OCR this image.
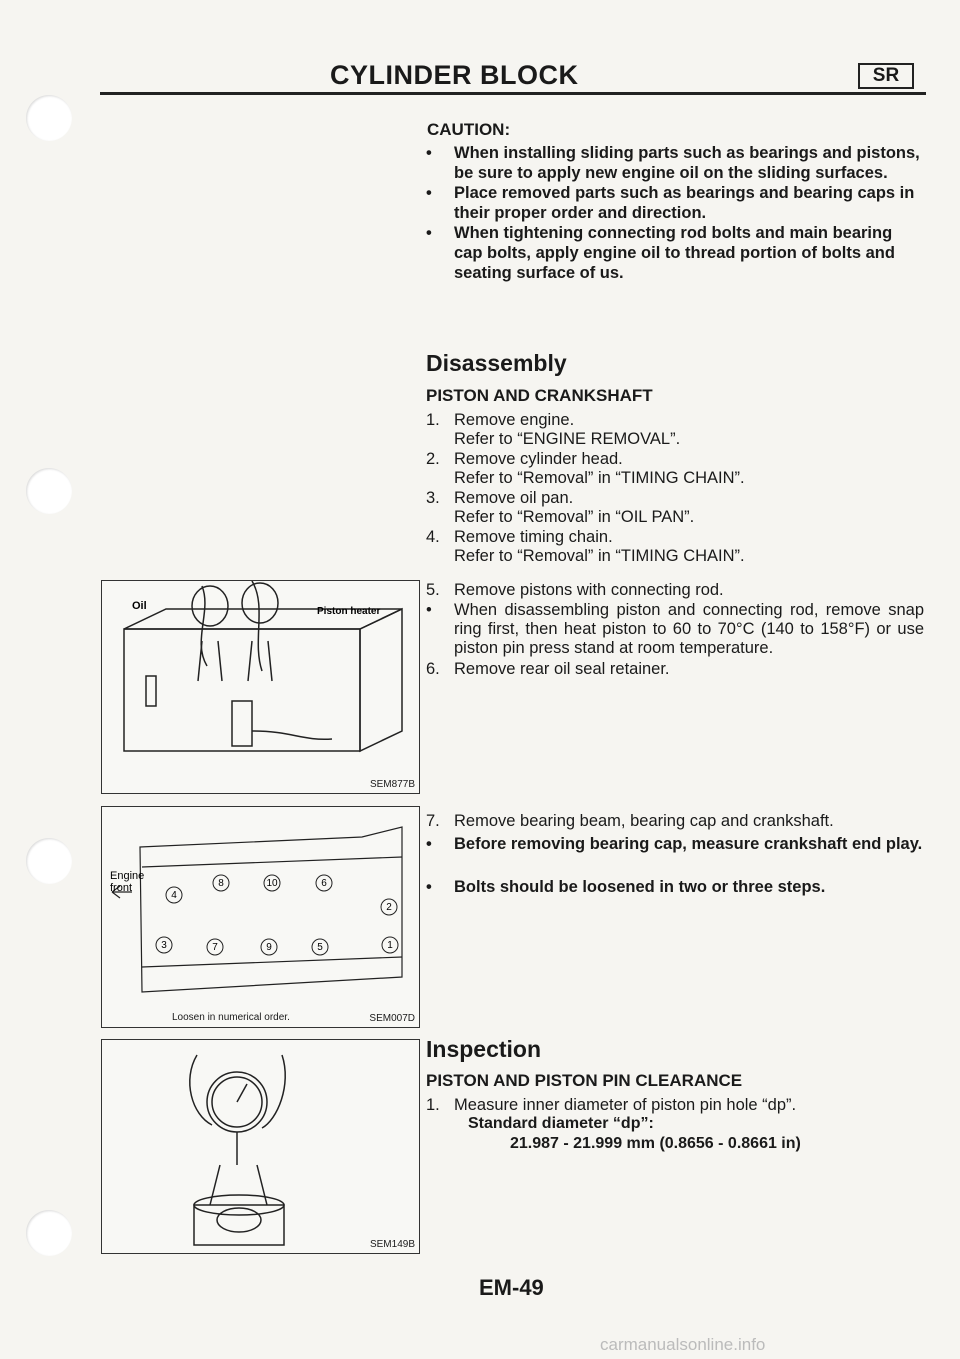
CYLINDER BLOCK	SR
CAUTION:
• When installing sliding parts such as bearings and pistons, be sure to apply new engine oil on the sliding surfaces.
• Place removed parts such as bearings and bearing caps in their proper order and direction.
• When tightening connecting rod bolts and main bearing cap bolts, apply engine oil to thread portion of bolts and seating surface of us.
Disassembly
PISTON AND CRANKSHAFT
1. Remove engine.
Refer to “ENGINE REMOVAL”.
2. Remove cylinder head.
Refer to “Removal” in “TIMING CHAIN”.
3. Remove oil pan.
Refer to “Removal” in “OIL PAN”.
4. Remove timing chain.
Refer to “Removal” in “TIMING CHAIN”.
5. Remove pistons with connecting rod.
• When disassembling piston and connecting rod, remove snap ring first, then heat piston to 60 to 70°C (140 to 158°F) or use piston pin press stand at room temperature.
6. Remove rear oil seal retainer.
7. Remove bearing beam, bearing cap and crankshaft.
• Before removing bearing cap, measure crankshaft end play.
• Bolts should be loosened in two or three steps.
Inspection
PISTON AND PISTON PIN CLEARANCE
1. Measure inner diameter of piston pin hole “dp”.
Standard diameter “dp”:
21.987 - 21.999 mm (0.8656 - 0.8661 in)
Oil	Piston heater
SEM877B
1
2
3
4
5
6
7
8
9
10
Engine
front
Loosen in numerical order.	SEM007D
SEM149B
EM-49
carmanualsonline.info
